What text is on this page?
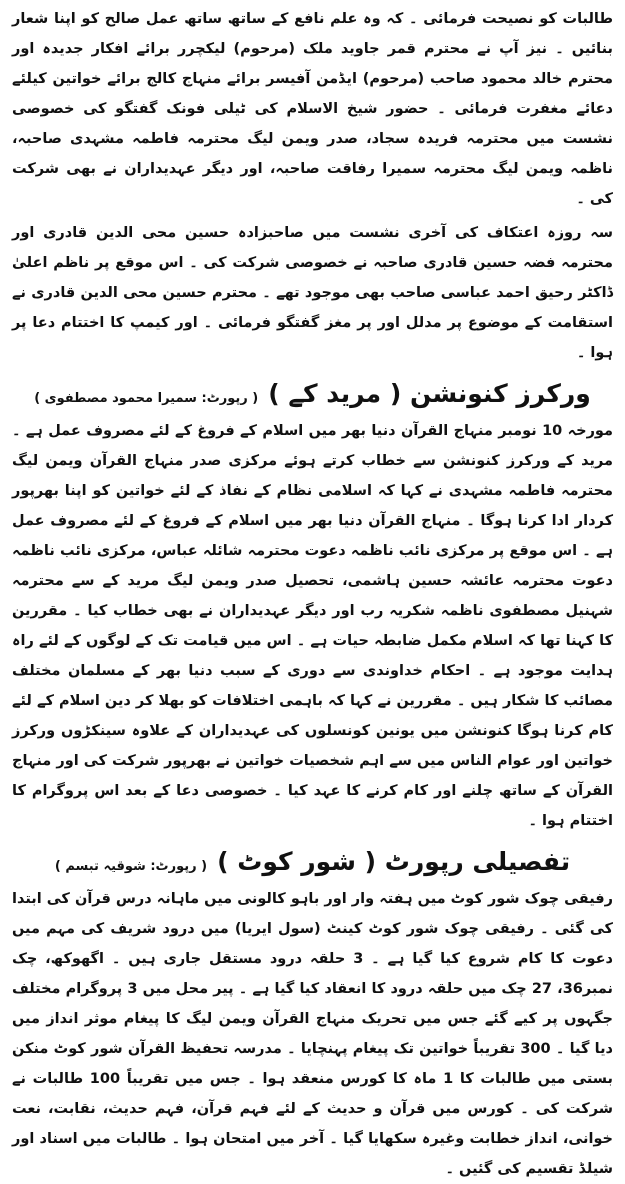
طالبات کو نصیحت فرمائی ۔ کہ وہ علم نافع کے ساتھ ساتھ عمل صالح کو اپنا شعار بنائیں ۔ نیز آپ نے محترم قمر جاوید ملک (مرحوم) لیکچرر برائے افکار جدیدہ اور محترم خالد محمود صاحب (مرحوم) ایڈمن آفیسر برائے منہاج کالج برائے خواتین کیلئے دعائے مغفرت فرمائی ۔ حضور شیخ الاسلام کی ٹیلی فونک گفتگو کی خصوصی نشست میں محترمہ فریدہ سجاد، صدر ویمن لیگ محترمہ فاطمہ مشہدی صاحبہ، ناظمہ ویمن لیگ محترمہ سمیرا رفاقت صاحبہ، اور دیگر عہدیداران نے بھی شرکت کی ۔

سہ روزہ اعتکاف کی آخری نشست میں صاحبزادہ حسین محی الدین قادری اور محترمہ فضہ حسین قادری صاحبہ نے خصوصی شرکت کی ۔ اس موقع پر ناظم اعلیٰ ڈاکٹر رحیق احمد عباسی صاحب بھی موجود تھے ۔ محترم حسین محی الدین قادری نے استقامت کے موضوع پر مدلل اور پر مغز گفتگو فرمائی ۔ اور کیمپ کا اختتام دعا پر ہوا ۔

ورکرز کنونشن ( مرید کے )
( رپورٹ: سمیرا محمود مصطفوی )

مورخہ 10 نومبر منہاج القرآن دنیا بھر میں اسلام کے فروغ کے لئے مصروف عمل ہے ۔ مرید کے ورکرز کنونشن سے خطاب کرتے ہوئے مرکزی صدر منہاج القرآن ویمن لیگ محترمہ فاطمہ مشہدی نے کہا کہ اسلامی نظام کے نفاذ کے لئے خواتین کو اپنا بھرپور کردار ادا کرنا ہوگا ۔ منہاج القرآن دنیا بھر میں اسلام کے فروغ کے لئے مصروف عمل ہے ۔ اس موقع پر مرکزی نائب ناظمہ دعوت محترمہ شائلہ عباس، مرکزی نائب ناظمہ دعوت محترمہ عائشہ حسین ہاشمی، تحصیل صدر ویمن لیگ مرید کے سے محترمہ شہنیل مصطفوی ناظمہ شکریہ رب اور دیگر عہدیداران نے بھی خطاب کیا ۔ مقررین کا کہنا تھا کہ اسلام مکمل ضابطہ حیات ہے ۔ اس میں قیامت تک کے لوگوں کے لئے راہ ہدایت موجود ہے ۔ احکام خداوندی سے دوری کے سبب دنیا بھر کے مسلمان مختلف مصائب کا شکار ہیں ۔ مقررین نے کہا کہ باہمی اختلافات کو بھلا کر دین اسلام کے لئے کام کرنا ہوگا کنونشن میں یونین کونسلوں کی عہدیداران کے علاوہ سینکڑوں ورکرز خواتین اور عوام الناس میں سے اہم شخصیات خواتین نے بھرپور شرکت کی اور منہاج القرآن کے ساتھ چلنے اور کام کرنے کا عہد کیا ۔ خصوصی دعا کے بعد اس پروگرام کا اختتام ہوا ۔

تفصیلی رپورٹ ( شور کوٹ )
( رپورٹ: شوقیہ تبسم )

رفیقی چوک شور کوٹ میں ہفتہ وار اور باہو کالونی میں ماہانہ درس قرآن کی ابتدا کی گئی ۔ رفیقی چوک شور کوٹ کینٹ (سول ایریا) میں درود شریف کی مہم میں دعوت کا کام شروع کیا گیا ہے ۔ 3 حلقہ درود مستقل جاری ہیں ۔ اگھوکھ، چک نمبر36، 27 چک میں حلقہ درود کا انعقاد کیا گیا ہے ۔ پیر محل میں 3 پروگرام مختلف جگہوں پر کیے گئے جس میں تحریک منہاج القرآن ویمن لیگ کا پیغام موثر انداز میں دیا گیا ۔ 300 تقریباً خواتین تک پیغام پہنچایا ۔ مدرسہ تحفیظ القرآن شور کوٹ منکن بستی میں طالبات کا 1 ماہ کا کورس منعقد ہوا ۔ جس میں تقریباً 100 طالبات نے شرکت کی ۔ کورس میں قرآن و حدیث کے لئے فہم قرآن، فہم حدیث، نقابت، نعت خوانی، انداز خطابت وغیرہ سکھایا گیا ۔ آخر میں امتحان ہوا ۔ طالبات میں اسناد اور شیلڈ تقسیم کی گئیں ۔
